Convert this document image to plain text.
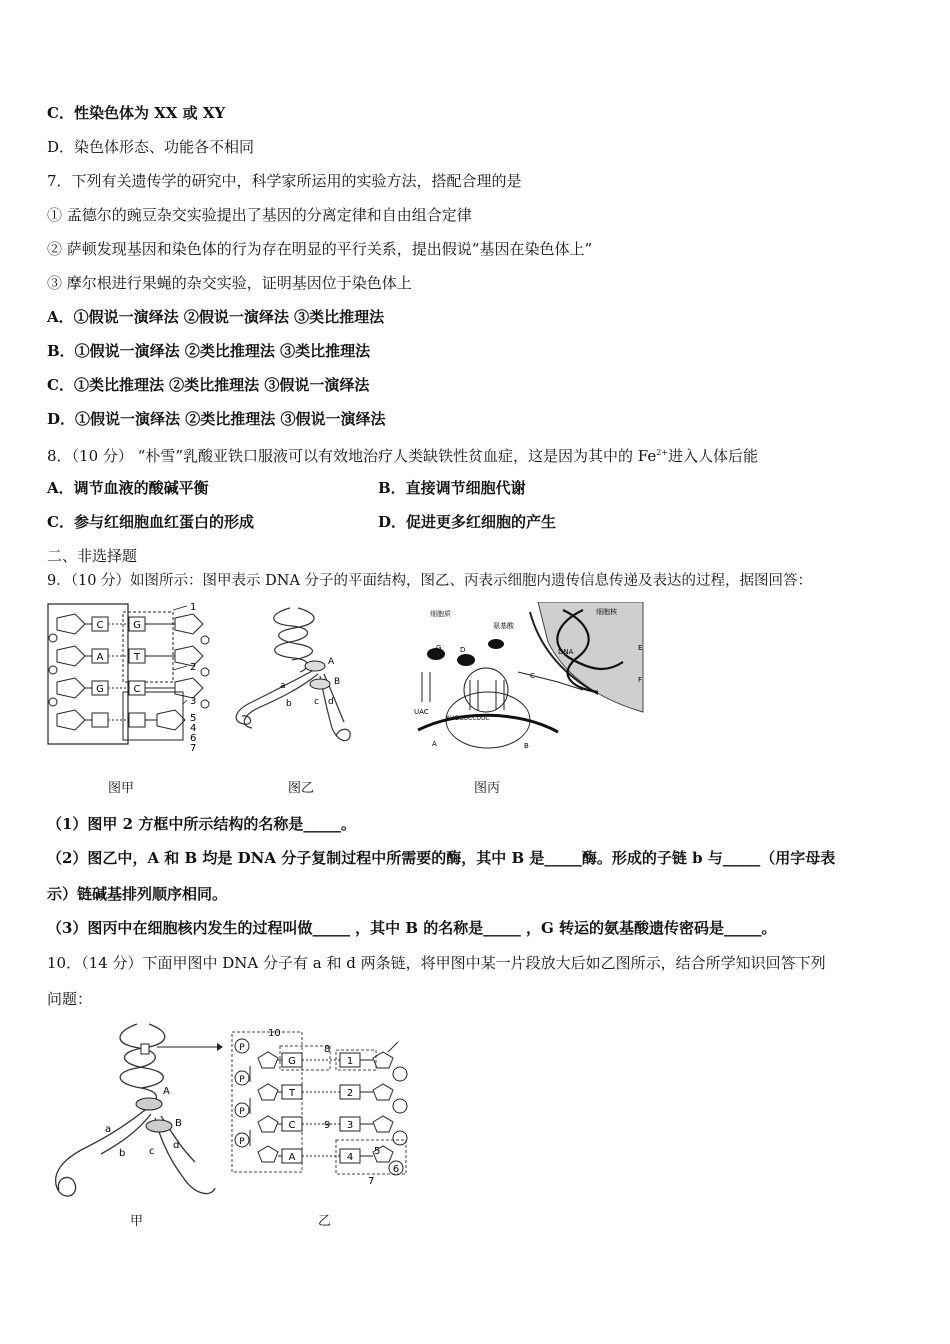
C．性染色体为 XX 或 XY
D．染色体形态、功能各不相同
7．下列有关遗传学的研究中，科学家所运用的实验方法，搭配合理的是
① 孟德尔的豌豆杂交实验提出了基因的分离定律和自由组合定律
② 萨顿发现基因和染色体的行为存在明显的平行关系，提出假说“基因在染色体上”
③ 摩尔根进行果蝇的杂交实验，证明基因位于染色体上
A．①假说一演绎法 ②假说一演绎法 ③类比推理法
B．①假说一演绎法 ②类比推理法 ③类比推理法
C．①类比推理法 ②类比推理法 ③假说一演绎法
D．①假说一演绎法 ②类比推理法 ③假说一演绎法
8．（10 分） “朴雪”乳酸亚铁口服液可以有效地治疗人类缺铁性贫血症，这是因为其中的 $Fe^{2+}$进入人体后能
A．调节血液的酸碱平衡	B．直接调节细胞代谢
C．参与红细胞血红蛋白的形成	D．促进更多红细胞的产生
二、非选择题
9．（10 分）如图所示：图甲表示 DNA 分子的平面结构，图乙、丙表示细胞内遗传信息传递及表达的过程，据图回答：
C	G
A	T
G	C
1
2
3
5
4
6
7
图甲
A
B
a
b c d
图乙
细胞质
氨基酸
细胞核
DNA
G	D
C
E
F
UAC
AUGGUCCUUC
A	B
图丙
（1）图甲 2 方框中所示结构的名称是_____。
（2）图乙中，A 和 B 均是 DNA 分子复制过程中所需要的酶，其中 B 是_____酶。形成的子链 b 与_____（用字母表
示）链碱基排列顺序相同。
（3）图丙中在细胞核内发生的过程叫做_____ ，其中 B 的名称是_____ ，G 转运的氨基酸遗传密码是_____。
10．（14 分）下面甲图中 DNA 分子有 a 和 d 两条链，将甲图中某一片段放大后如乙图所示，结合所学知识回答下列
问题：
A
B
a
b c
d
甲
P
P
P
P
G
T
C
A
10
8
1
2
9 3
4
5
6
7
乙
